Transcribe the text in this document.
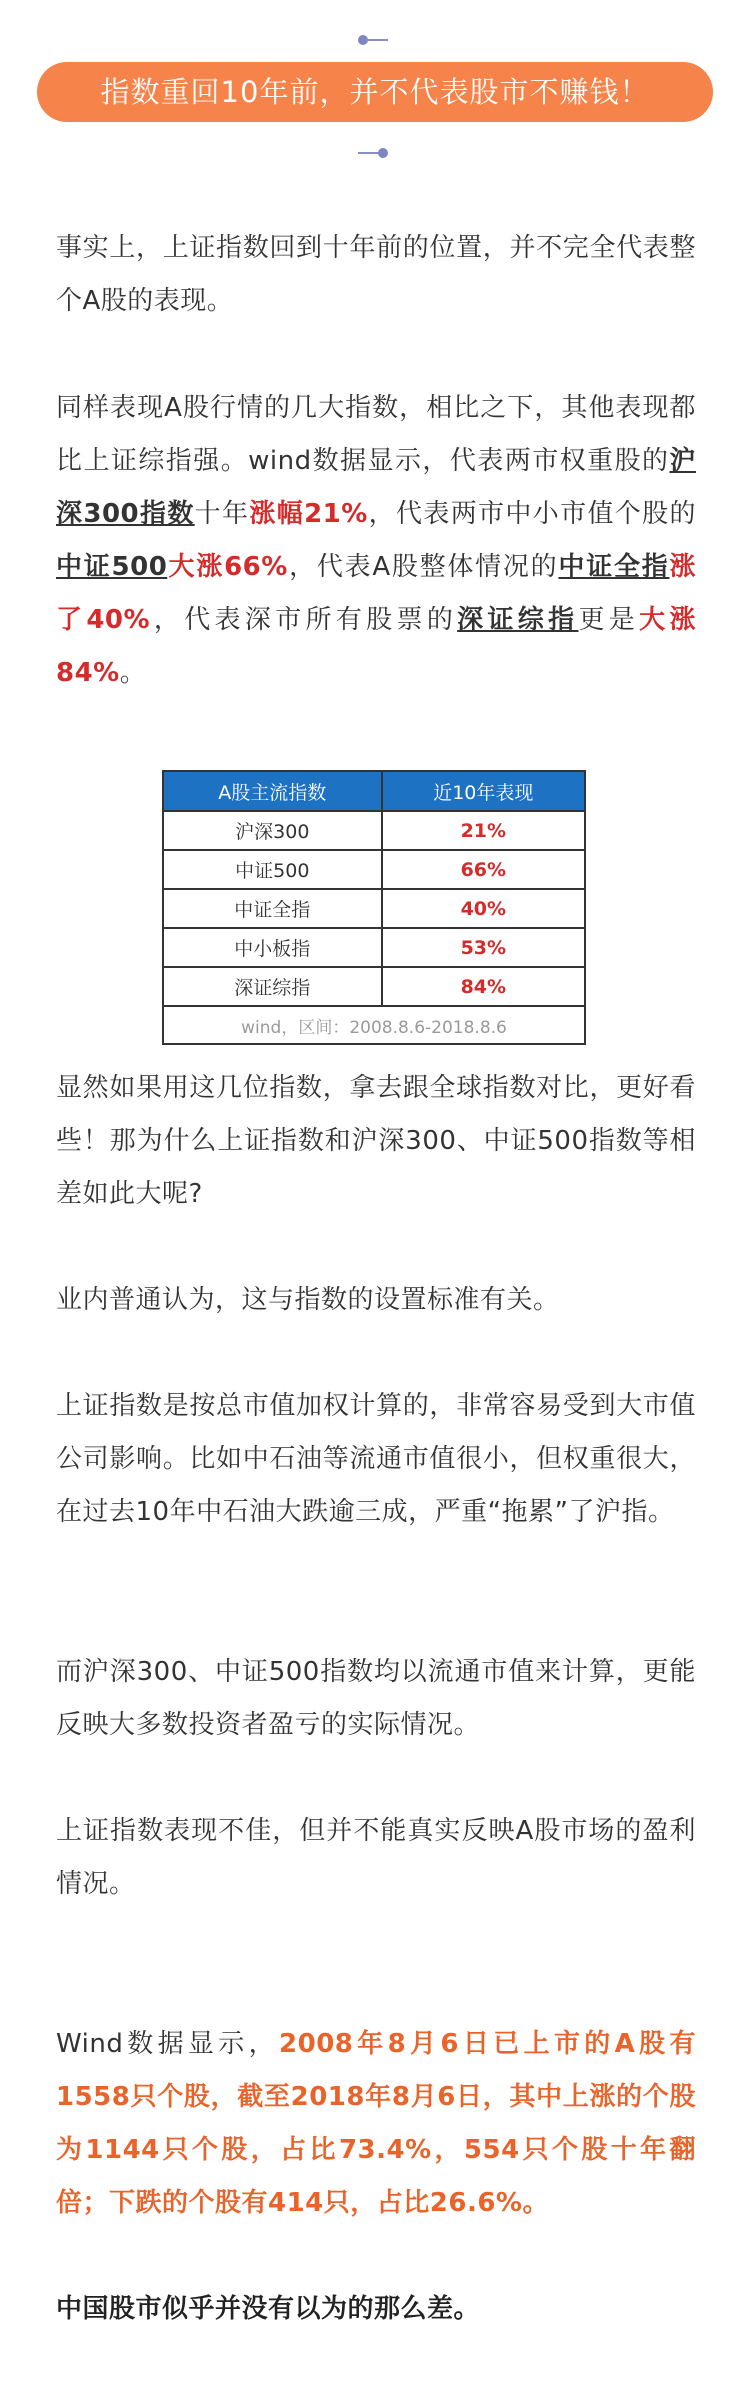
指数重回10年前，并不代表股市不赚钱！

事实上，上证指数回到十年前的位置，并不完全代表整个A股的表现。

同样表现A股行情的几大指数，相比之下，其他表现都比上证综指强。wind数据显示，代表两市权重股的沪深300指数十年涨幅21%，代表两市中小市值个股的中证500大涨66%，代表A股整体情况的中证全指涨了40%，代表深市所有股票的深证综指更是大涨84%。

A股主流指数	近10年表现
沪深300	21%
中证500	66%
中证全指	40%
中小板指	53%
深证综指	84%
wind，区间：2008.8.6-2018.8.6	

显然如果用这几位指数，拿去跟全球指数对比，更好看些！那为什么上证指数和沪深300、中证500指数等相差如此大呢?

业内普通认为，这与指数的设置标准有关。

上证指数是按总市值加权计算的，非常容易受到大市值公司影响。比如中石油等流通市值很小，但权重很大，在过去10年中石油大跌逾三成，严重“拖累”了沪指。

而沪深300、中证500指数均以流通市值来计算，更能反映大多数投资者盈亏的实际情况。

上证指数表现不佳，但并不能真实反映A股市场的盈利情况。

Wind数据显示，2008年8月6日已上市的A股有1558只个股，截至2018年8月6日，其中上涨的个股为1144只个股，占比73.4%，554只个股十年翻倍；下跌的个股有414只，占比26.6%。

中国股市似乎并没有以为的那么差。
